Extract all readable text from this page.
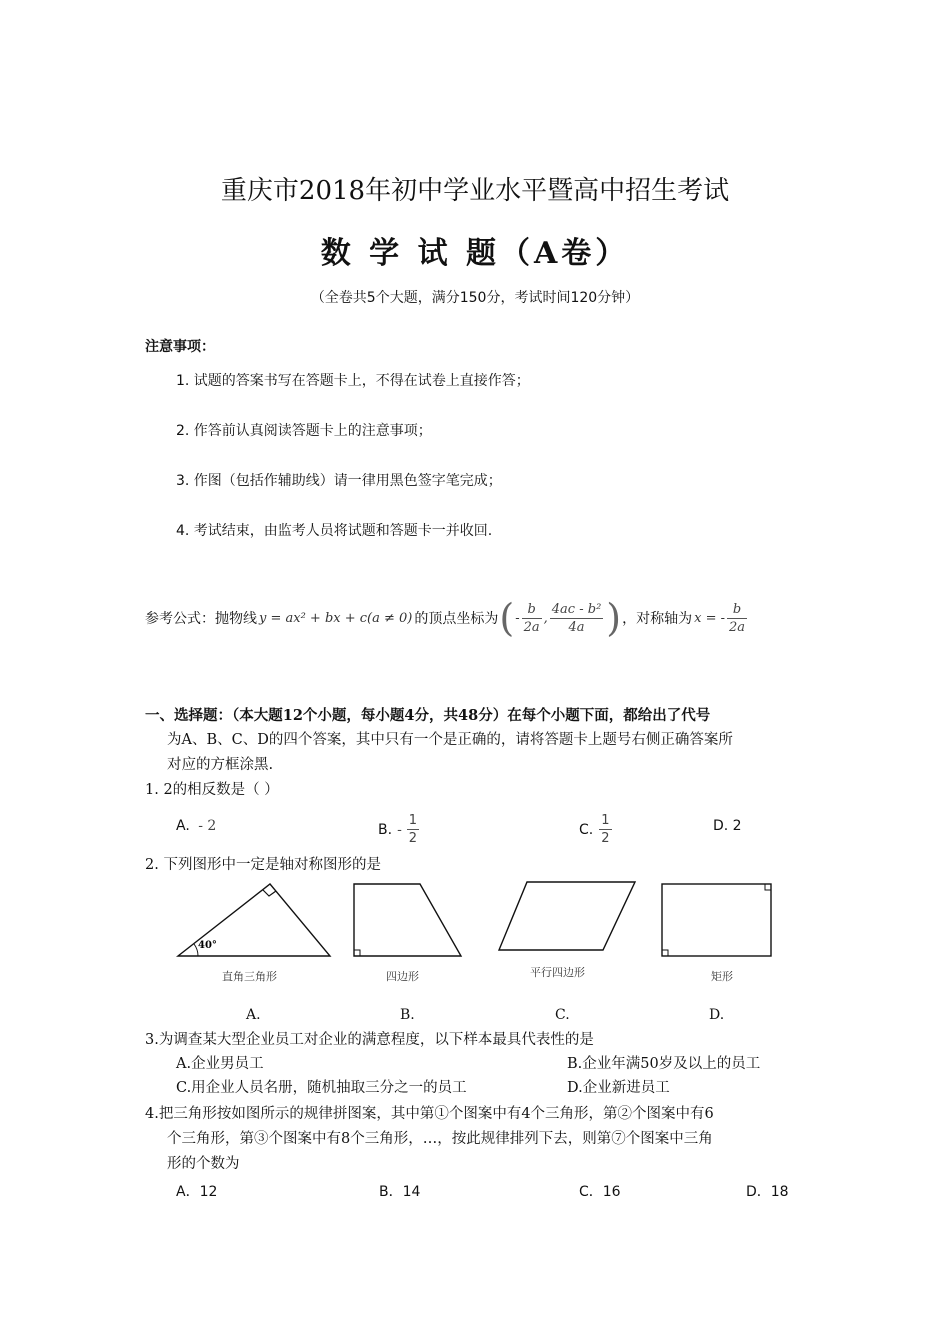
重庆市2018年初中学业水平暨高中招生考试
数 学 试 题（A卷）
（全卷共5个大题，满分150分，考试时间120分钟）
注意事项：
1. 试题的答案书写在答题卡上，不得在试卷上直接作答；
2. 作答前认真阅读答题卡上的注意事项；
3. 作图（包括作辅助线）请一律用黑色签字笔完成；
4. 考试结束，由监考人员将试题和答题卡一并收回.
参考公式：抛物线 y = ax² + bx + c(a ≠ 0) 的顶点坐标为 ( - $\frac{b}{2a}$ , $\frac{\text{4ac - b²}}{4a}$ ) ，对称轴为 x = - $\frac{b}{2a}$
一、选择题：（本大题12个小题，每小题4分，共48分）在每个小题下面，都给出了代号
为A、B、C、D的四个答案，其中只有一个是正确的，请将答题卡上题号右侧正确答案所
对应的方框涂黑.
1. 2的相反数是（ ）
A. - 2	B. - $\frac{1}{2}$	C. $\frac{1}{2}$	D. 2
2. 下列图形中一定是轴对称图形的是
40°
直角三角形	四边形	平行四边形	矩形
A.	B.	C.	D.
3.为调查某大型企业员工对企业的满意程度，以下样本最具代表性的是
A.企业男员工	B.企业年满50岁及以上的员工
C.用企业人员名册，随机抽取三分之一的员工	D.企业新进员工
4.把三角形按如图所示的规律拼图案，其中第①个图案中有4个三角形，第②个图案中有6
个三角形，第③个图案中有8个三角形，…，按此规律排列下去，则第⑦个图案中三角
形的个数为
A．12	B．14	C．16	D．18
